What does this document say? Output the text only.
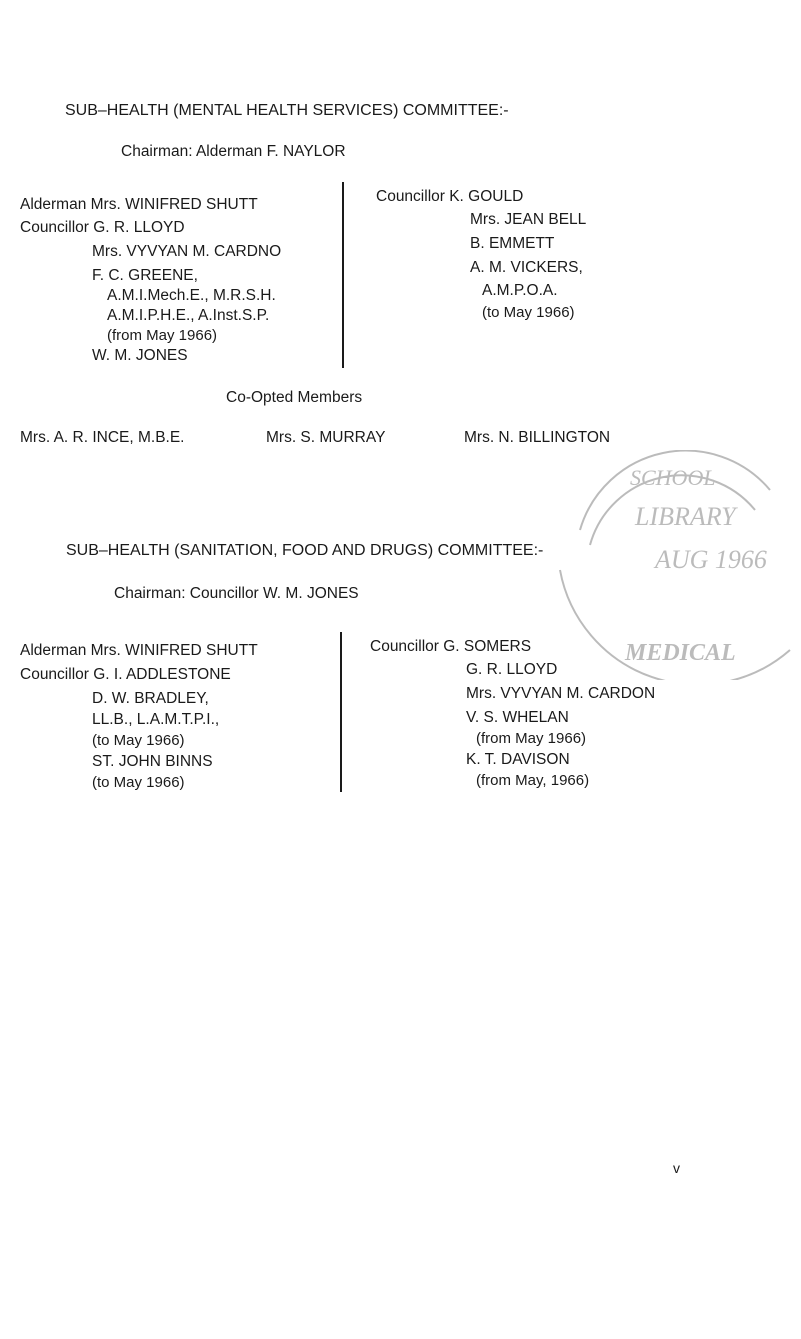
SUB–HEALTH (MENTAL HEALTH SERVICES) COMMITTEE:-
Chairman: Alderman F. NAYLOR
Alderman Mrs. WINIFRED SHUTT
Councillor G. R. LLOYD
Mrs. VYVYAN M. CARDNO
F. C. GREENE,
A.M.I.Mech.E., M.R.S.H.
A.M.I.P.H.E., A.Inst.S.P.
(from May 1966)
W. M. JONES
Councillor K. GOULD
Mrs. JEAN BELL
B. EMMETT
A. M. VICKERS,
A.M.P.O.A.
(to May 1966)
Co-Opted Members
Mrs. A. R. INCE, M.B.E.	Mrs. S. MURRAY	Mrs. N. BILLINGTON
SCHOOL
LIBRARY
AUG 1966
MEDICAL
SUB–HEALTH (SANITATION, FOOD AND DRUGS) COMMITTEE:-
Chairman: Councillor W. M. JONES
Alderman Mrs. WINIFRED SHUTT
Councillor G. I. ADDLESTONE
D. W. BRADLEY,
LL.B., L.A.M.T.P.I.,
(to May 1966)
ST. JOHN BINNS
(to May 1966)
Councillor G. SOMERS
G. R. LLOYD
Mrs. VYVYAN M. CARDON
V. S. WHELAN
(from May 1966)
K. T. DAVISON
(from May, 1966)
v
